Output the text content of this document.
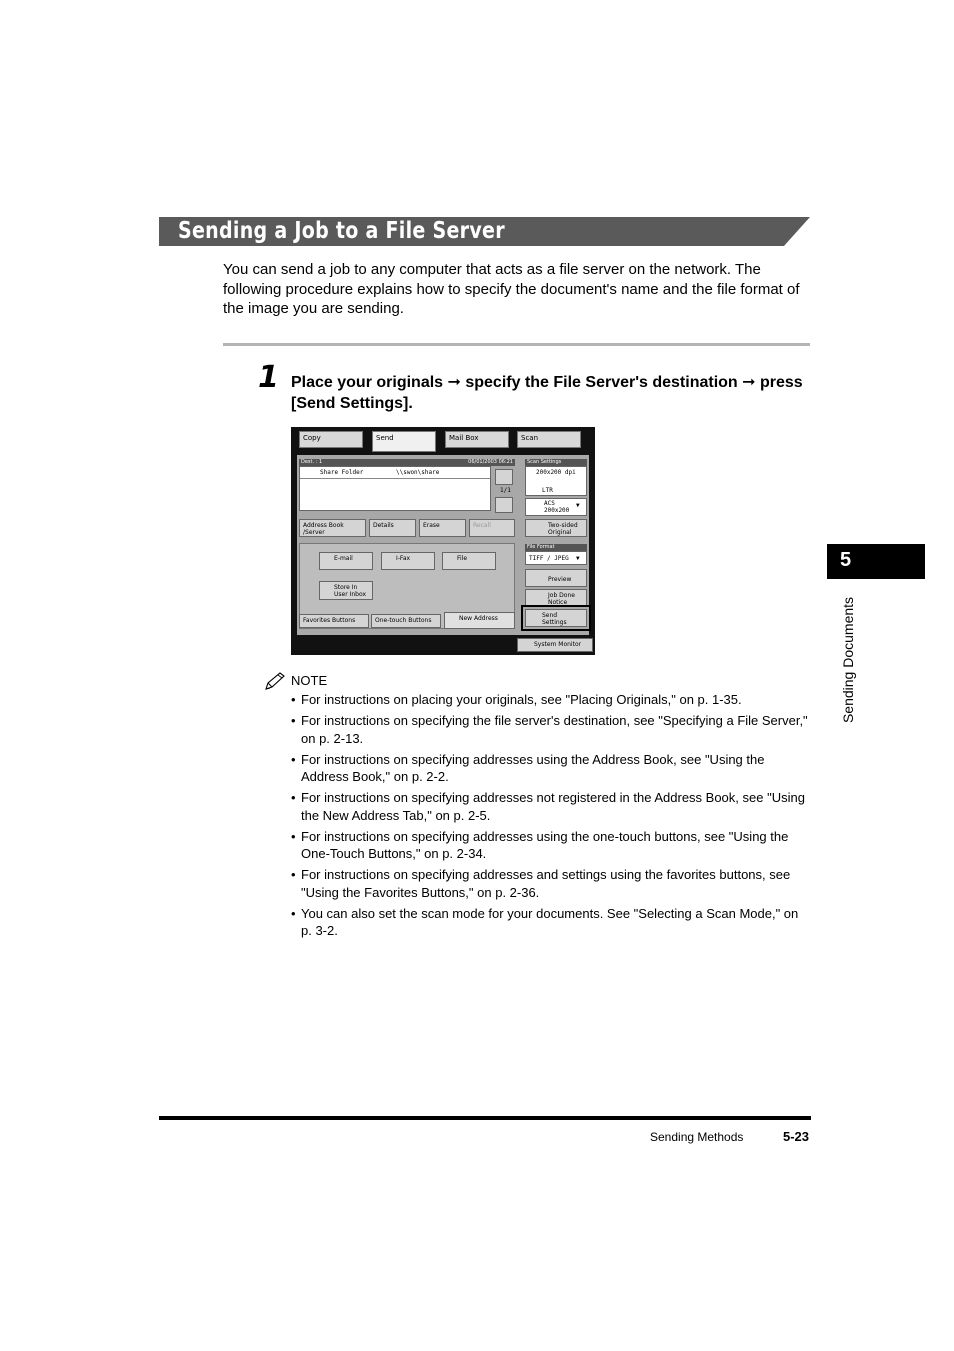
Sending a Job to a File Server
You can send a job to any computer that acts as a file server on the network. The following procedure explains how to specify the document's name and the file format of the image you are sending.
1 Place your originals ➞ specify the File Server's destination ➞ press [Send Settings].
Copy	Send	Mail Box	Scan
Dest. : 1	06/01/2003 06:21
Share Folder	\\swon\share
1/1
Address Book /Server
Details	Erase	Recall
E-mail	I-Fax	File
Store In User Inbox
Favorites Buttons	One-touch Buttons	New Address
Scan Settings
200x200 dpi
LTR
ACS
200x200
▼
Two-sided Original
File Format
TIFF / JPEG ▼
Preview
Job Done Notice
Send Settings
System Monitor
NOTE
• For instructions on placing your originals, see "Placing Originals," on p. 1-35.
• For instructions on specifying the file server's destination, see "Specifying a File Server," on p. 2-13.
• For instructions on specifying addresses using the Address Book, see "Using the Address Book," on p. 2-2.
• For instructions on specifying addresses not registered in the Address Book, see "Using the New Address Tab," on p. 2-5.
• For instructions on specifying addresses using the one-touch buttons, see "Using the One-Touch Buttons," on p. 2-34.
• For instructions on specifying addresses and settings using the favorites buttons, see "Using the Favorites Buttons," on p. 2-36.
• You can also set the scan mode for your documents. See "Selecting a Scan Mode," on p. 3-2.
5
Sending Documents
Sending Methods	5-23
